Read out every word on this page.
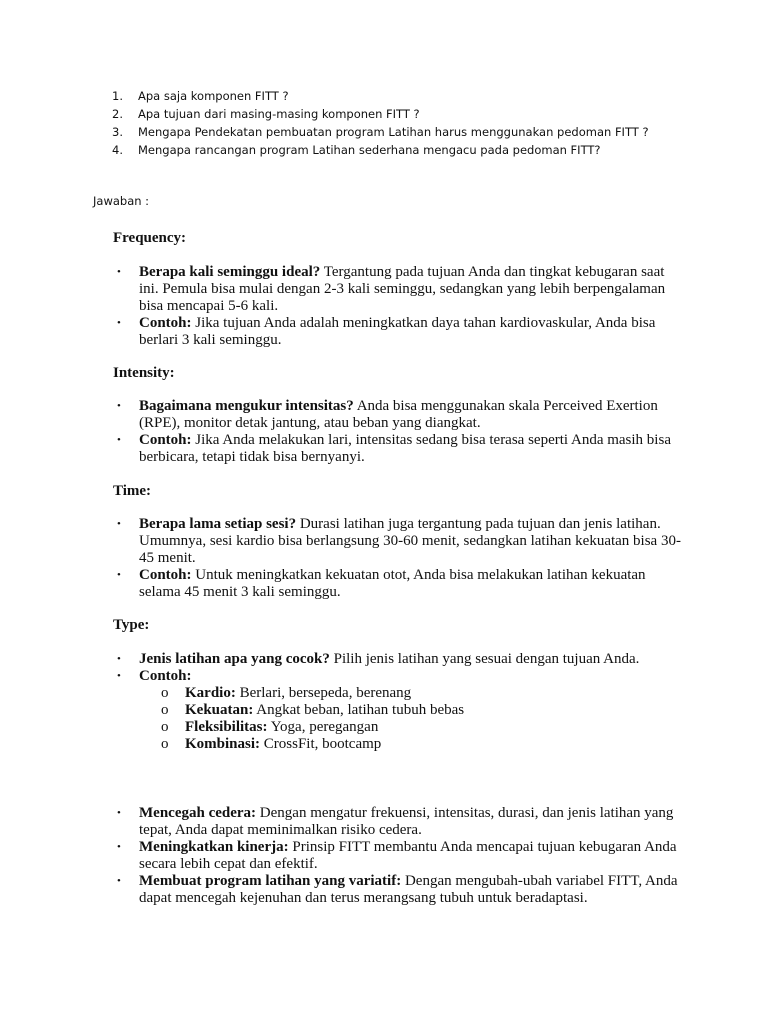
1.	Apa saja komponen FITT ?
2.	Apa tujuan dari masing-masing komponen FITT ?
3.	Mengapa Pendekatan pembuatan program Latihan harus menggunakan pedoman FITT ?
4.	Mengapa rancangan program Latihan sederhana mengacu pada pedoman FITT?
Jawaban :
Frequency:
•	Berapa kali seminggu ideal? Tergantung pada tujuan Anda dan tingkat kebugaran saat ini. Pemula bisa mulai dengan 2-3 kali seminggu, sedangkan yang lebih berpengalaman bisa mencapai 5-6 kali.
•	Contoh: Jika tujuan Anda adalah meningkatkan daya tahan kardiovaskular, Anda bisa berlari 3 kali seminggu.
Intensity:
•	Bagaimana mengukur intensitas? Anda bisa menggunakan skala Perceived Exertion (RPE), monitor detak jantung, atau beban yang diangkat.
•	Contoh: Jika Anda melakukan lari, intensitas sedang bisa terasa seperti Anda masih bisa berbicara, tetapi tidak bisa bernyanyi.
Time:
•	Berapa lama setiap sesi? Durasi latihan juga tergantung pada tujuan dan jenis latihan. Umumnya, sesi kardio bisa berlangsung 30-60 menit, sedangkan latihan kekuatan bisa 30-45 menit.
•	Contoh: Untuk meningkatkan kekuatan otot, Anda bisa melakukan latihan kekuatan selama 45 menit 3 kali seminggu.
Type:
•	Jenis latihan apa yang cocok? Pilih jenis latihan yang sesuai dengan tujuan Anda.
•	Contoh:
o	Kardio: Berlari, bersepeda, berenang
o	Kekuatan: Angkat beban, latihan tubuh bebas
o	Fleksibilitas: Yoga, peregangan
o	Kombinasi: CrossFit, bootcamp
•	Mencegah cedera: Dengan mengatur frekuensi, intensitas, durasi, dan jenis latihan yang tepat, Anda dapat meminimalkan risiko cedera.
•	Meningkatkan kinerja: Prinsip FITT membantu Anda mencapai tujuan kebugaran Anda secara lebih cepat dan efektif.
•	Membuat program latihan yang variatif: Dengan mengubah-ubah variabel FITT, Anda dapat mencegah kejenuhan dan terus merangsang tubuh untuk beradaptasi.
